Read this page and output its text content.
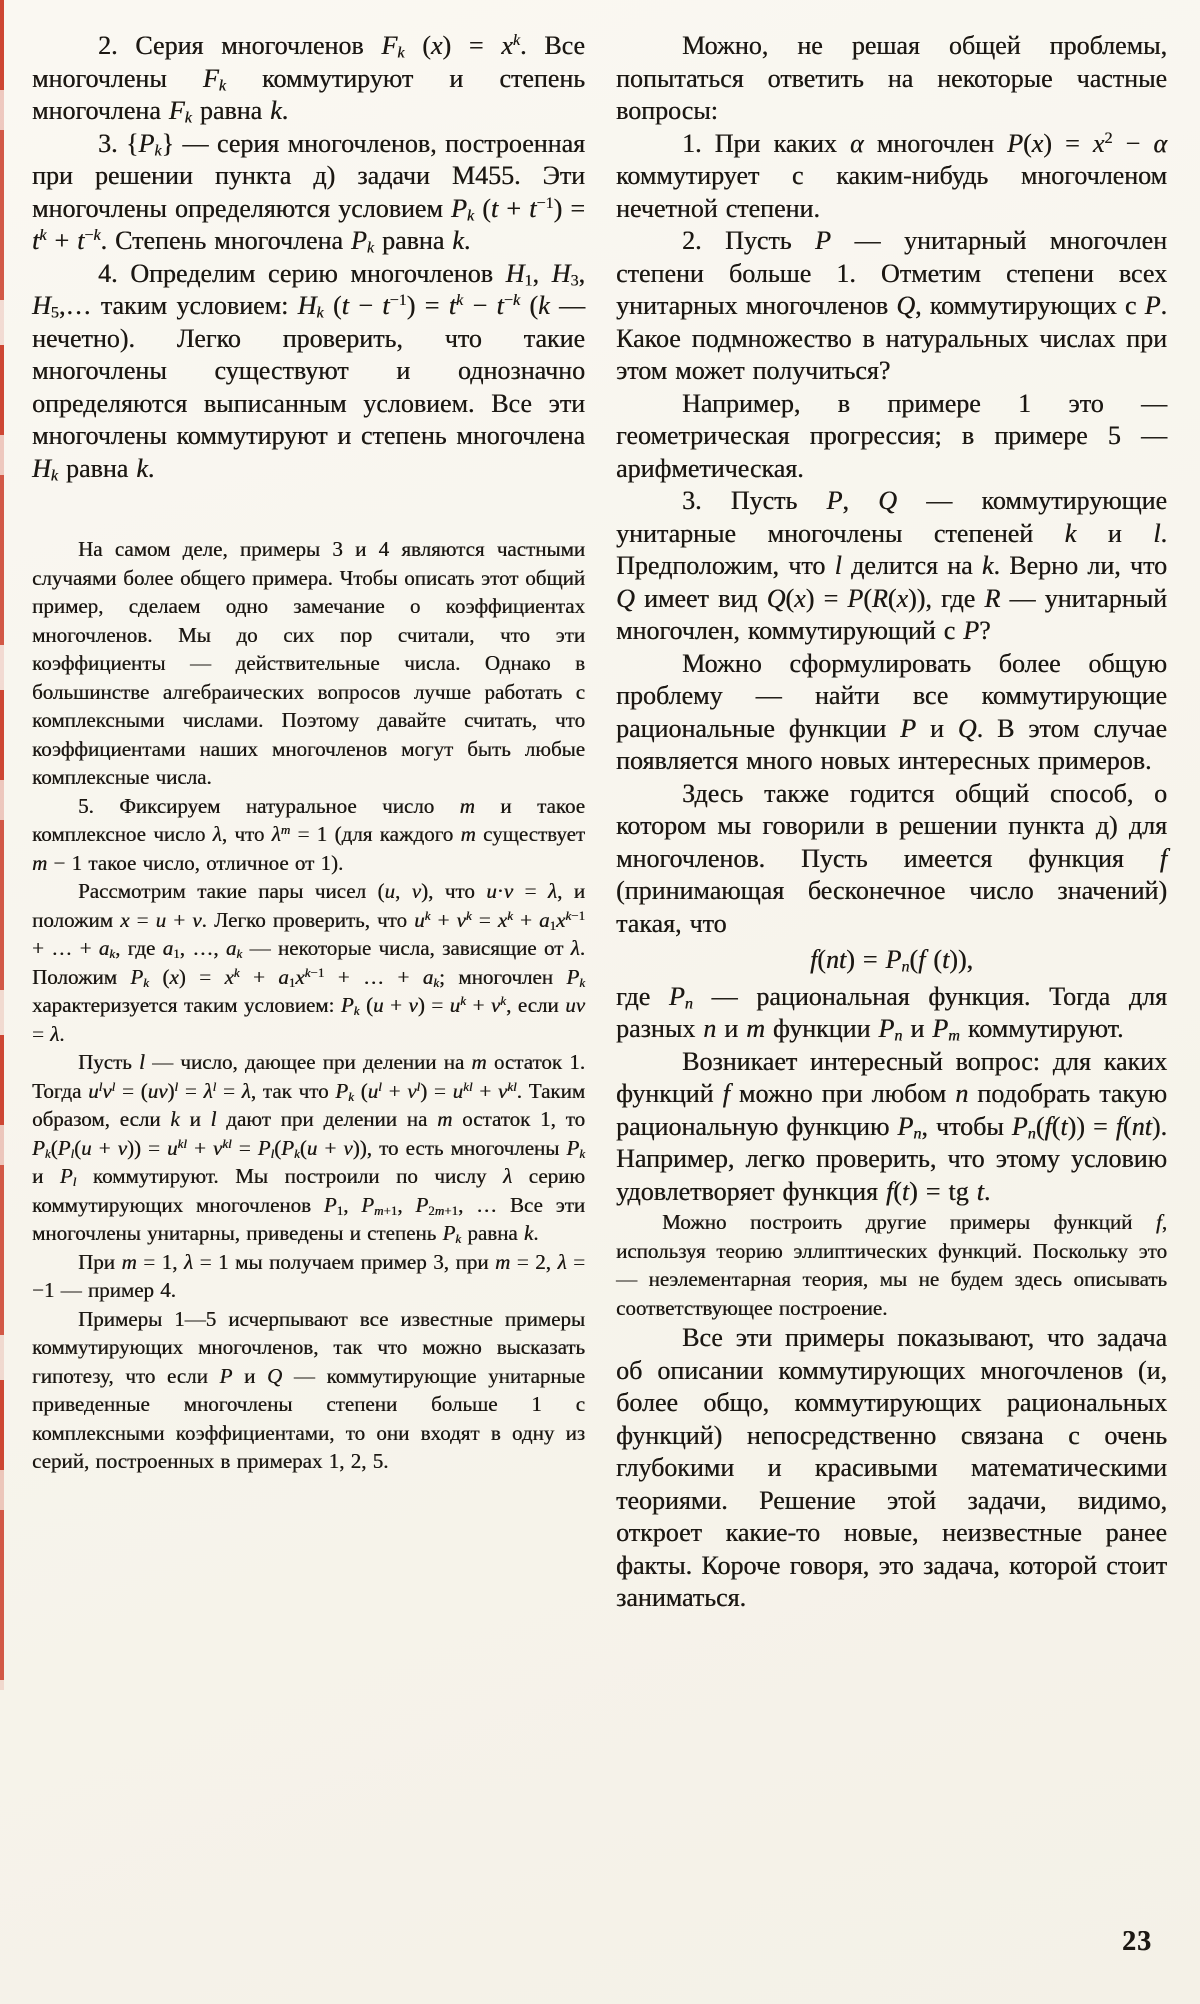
2. Серия многочленов $F_k$ $(x) = x^k$. Все многочлены $F_k$ коммутируют и степень многочлена $F_k$ равна k.

3. $\{P_k\}$ — серия многочленов, построенная при решении пункта д) задачи М455. Эти многочлены определяются условием $P_k$ $(t + t^{-1}) = t^k + t^{-k}$. Степень многочлена $P_k$ равна k.

4. Определим серию многочленов $H_1$, $H_3$, $H_5,\dots$ таким условием: $H_k$ $(t - t^{-1}) = t^k - t^{-k}$ (k — нечетно). Легко проверить, что такие многочлены существуют и однозначно определяются выписанным условием. Все эти многочлены коммутируют и степень многочлена $H_k$ равна k.

На самом деле, примеры 3 и 4 являются частными случаями более общего примера. Чтобы описать этот общий пример, сделаем одно замечание о коэффициентах многочленов. Мы до сих пор считали, что эти коэффициенты — действительные числа. Однако в большинстве алгебраических вопросов лучше работать с комплексными числами. Поэтому давайте считать, что коэффициентами наших многочленов могут быть любые комплексные числа.

5. Фиксируем натуральное число m и такое комплексное число λ, что $\lambda^m = 1$ (для каждого m существует m − 1 такое число, отличное от 1).

Рассмотрим такие пары чисел (u, v), что u·v = λ, и положим x = u + v. Легко проверить, что $u^k + v^k = x^k + a_1x^{k-1}$ + … + $a_k$, где $a_1$, …, $a_k$ — некоторые числа, зависящие от λ. Положим $P_k$ $(x) = x^k + a_1x^{k-1}$ + … + $a_k$; многочлен $P_k$ характеризуется таким условием: $P_k$ $(u + v) = u^k + v^k$, если uv = λ.

Пусть l — число, дающее при делении на m остаток 1. Тогда $u^lv^l = (uv)^l = \lambda^l = \lambda$, так что $P_k$ $(u^l + v^l) = u^{kl} + v^{kl}$. Таким образом, если k и l дают при делении на m остаток 1, то $P_k(P_l(u + v)) = u^{kl} + v^{kl} = P_l(P_k(u + v))$, то есть многочлены $P_k$ и $P_l$ коммутируют. Мы построили по числу λ серию коммутирующих многочленов $P_1$, $P_{m+1}$, $P_{2m+1}$, … Все эти многочлены унитарны, приведены и степень $P_k$ равна k.

При m = 1, λ = 1 мы получаем пример 3, при m = 2, λ = −1 — пример 4.

Примеры 1—5 исчерпывают все известные примеры коммутирующих многочленов, так что можно высказать гипотезу, что если P и Q — коммутирующие унитарные приведенные многочлены степени больше 1 с комплексными коэффициентами, то они входят в одну из серий, построенных в примерах 1, 2, 5.

Можно, не решая общей проблемы, попытаться ответить на некоторые частные вопросы:

1. При каких α многочлен $P(x) = x^2 - \alpha$ коммутирует с каким-нибудь многочленом нечетной степени.

2. Пусть P — унитарный многочлен степени больше 1. Отметим степени всех унитарных многочленов Q, коммутирующих с P. Какое подмножество в натуральных числах при этом может получиться?

Например, в примере 1 это — геометрическая прогрессия; в примере 5 — арифметическая.

3. Пусть P, Q — коммутирующие унитарные многочлены степеней k и l. Предположим, что l делится на k. Верно ли, что Q имеет вид Q(x) = P(R(x)), где R — унитарный многочлен, коммутирующий с P?

Можно сформулировать более общую проблему — найти все коммутирующие рациональные функции P и Q. В этом случае появляется много новых интересных примеров.

Здесь также годится общий способ, о котором мы говорили в решении пункта д) для многочленов. Пусть имеется функция f (принимающая бесконечное число значений) такая, что

$f(nt) = P_n(f$ (t)),

где $P_n$ — рациональная функция. Тогда для разных n и m функции $P_n$ и $P_m$ коммутируют.

Возникает интересный вопрос: для каких функций f можно при любом n подобрать такую рациональную функцию $P_n$, чтобы $P_n(f(t)) = f(nt)$. Например, легко проверить, что этому условию удовлетворяет функция f(t) = tg t.

Можно построить другие примеры функций f, используя теорию эллиптических функций. Поскольку это — неэлементарная теория, мы не будем здесь описывать соответствующее построение.

Все эти примеры показывают, что задача об описании коммутирующих многочленов (и, более общо, коммутирующих рациональных функций) непосредственно связана с очень глубокими и красивыми математическими теориями. Решение этой задачи, видимо, откроет какие-то новые, неизвестные ранее факты. Короче говоря, это задача, которой стоит заниматься.

23
